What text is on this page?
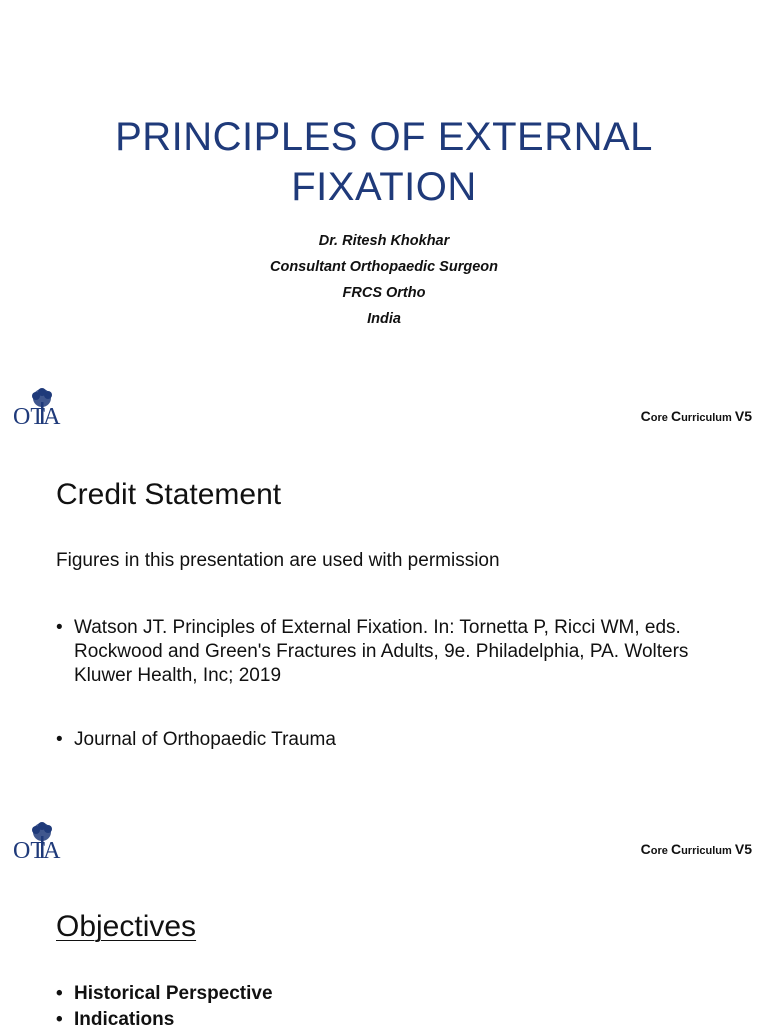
PRINCIPLES OF EXTERNAL
FIXATION
Dr. Ritesh Khokhar
Consultant Orthopaedic Surgeon
FRCS Ortho
India
OTA	Core Curriculum V5
Credit Statement
Figures in this presentation are used with permission
• Watson JT. Principles of External Fixation. In: Tornetta P, Ricci WM, eds. Rockwood and Green's Fractures in Adults, 9e. Philadelphia, PA. Wolters Kluwer Health, Inc; 2019
• Journal of Orthopaedic Trauma
OTA	Core Curriculum V5
Objectives
• Historical Perspective
• Indications
